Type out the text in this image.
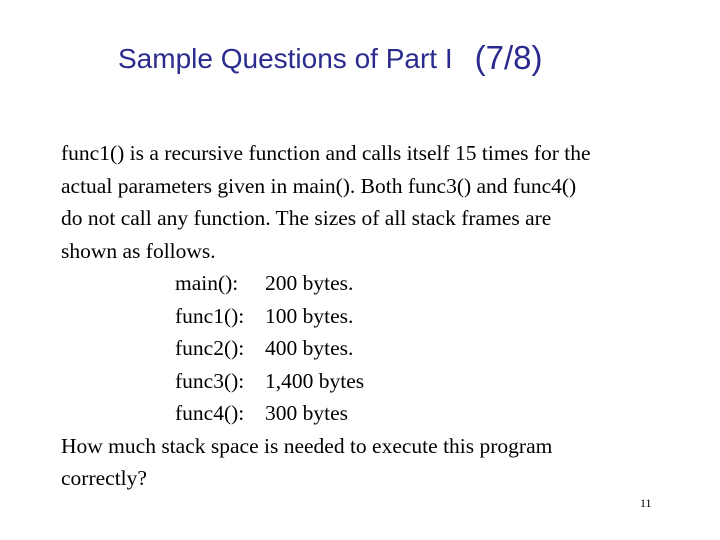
Sample Questions of Part I (7/8)
func1() is a recursive function and calls itself 15 times for the
actual parameters given in main(). Both func3() and func4()
do not call any function. The sizes of all stack frames are
shown as follows.
main(): 200 bytes.
func1(): 100 bytes.
func2(): 400 bytes.
func3(): 1,400 bytes
func4(): 300 bytes
How much stack space is needed to execute this program
correctly?
11
